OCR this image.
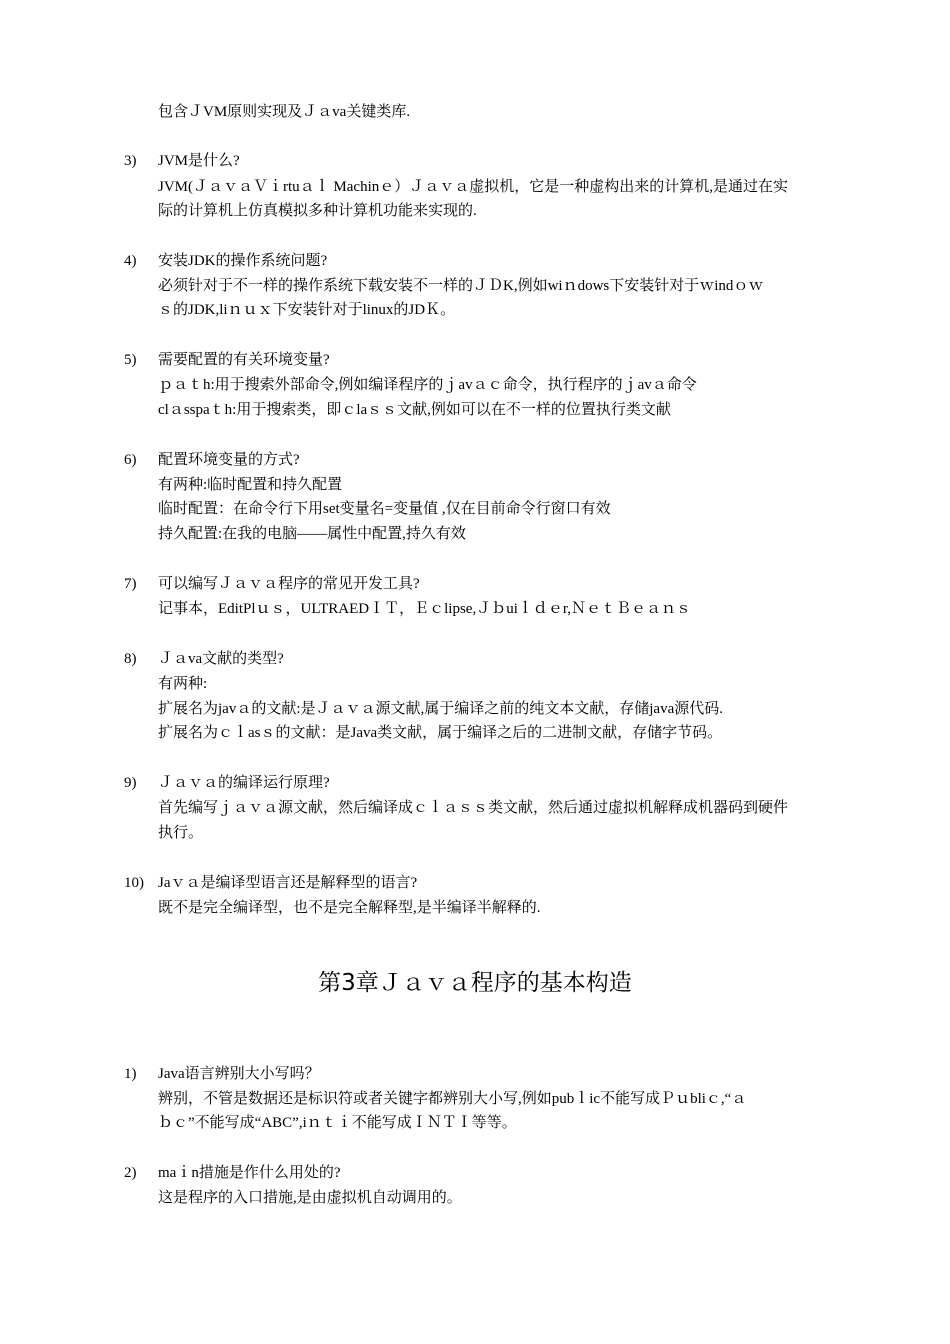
包含ＪVM原则实现及Ｊａva关键类库.
3) JVM是什么?
JVM(ＪａｖａＶｉrtuａｌ Machinｅ）Ｊａｖａ虚拟机，它是一种虚构出来的计算机,是通过在实
际的计算机上仿真模拟多种计算机功能来实现的.
4) 安装JDK的操作系统问题?
必须针对于不一样的操作系统下载安装不一样的ＪＤK,例如wiｎdows下安装针对于ｗindｏｗ
ｓ的JDK,liｎｕｘ下安装针对于linux的JDＫ。
5) 需要配置的有关环境变量?
ｐａｔh:用于搜索外部命令,例如编译程序的ｊavａｃ命令，执行程序的ｊavａ命令
clａsspaｔh:用于搜索类，即ｃlaｓｓ文献,例如可以在不一样的位置执行类文献
6) 配置环境变量的方式?
有两种:临时配置和持久配置
临时配置：在命令行下用set变量名=变量值 ,仅在目前命令行窗口有效
持久配置:在我的电脑——属性中配置,持久有效
7) 可以编写Ｊａｖａ程序的常见开发工具?
记事本，EditPlｕｓ，ULTRAEDＩＴ，Ｅｃlipse,Ｊｂuiｌｄｅr,ＮｅｔＢｅａｎｓ
8) Ｊａva文献的类型?
有两种:
扩展名为javａ的文献:是Ｊａｖａ源文献,属于编译之前的纯文本文献，存储java源代码.
扩展名为ｃｌasｓ的文献：是Java类文献，属于编译之后的二进制文献，存储字节码。
9) Ｊａｖａ的编译运行原理?
首先编写ｊａｖａ源文献，然后编译成ｃｌａｓｓ类文献，然后通过虚拟机解释成机器码到硬件
执行。
10) Jaｖａ是编译型语言还是解释型的语言?
既不是完全编译型，也不是完全解释型,是半编译半解释的.
第3章Ｊａｖａ程序的基本构造
1) Java语言辨别大小写吗？
辨别，不管是数据还是标识符或者关键字都辨别大小写,例如pubｌic不能写成Ｐｕbliｃ,“ａ
ｂｃ”不能写成“ABC”,iｎｔｉ不能写成ＩＮＴＩ等等。
2) maｉn措施是作什么用处的?
这是程序的入口措施,是由虚拟机自动调用的。
